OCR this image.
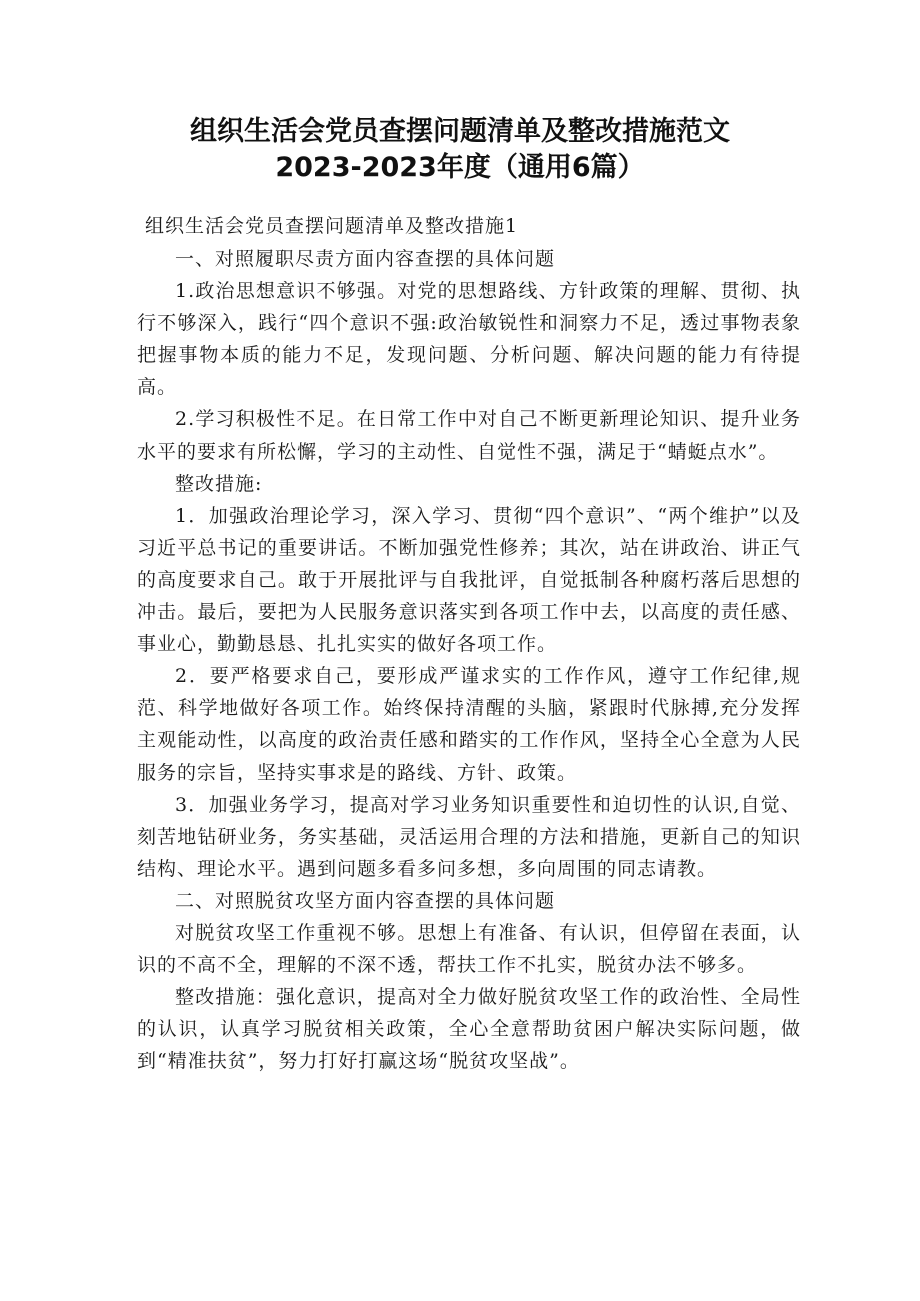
组织生活会党员查摆问题清单及整改措施范文
2023-2023年度（通用6篇）
组织生活会党员查摆问题清单及整改措施1

一、对照履职尽责方面内容查摆的具体问题

1.政治思想意识不够强。对党的思想路线、方针政策的理解、贯彻、执行不够深入，践行“四个意识不强:政治敏锐性和洞察力不足，透过事物表象把握事物本质的能力不足，发现问题、分析问题、解决问题的能力有待提高。

2.学习积极性不足。在日常工作中对自己不断更新理论知识、提升业务水平的要求有所松懈，学习的主动性、自觉性不强，满足于“蜻蜓点水”。

整改措施:

1．加强政治理论学习，深入学习、贯彻“四个意识”、“两个维护”以及习近平总书记的重要讲话。不断加强党性修养；其次，站在讲政治、讲正气的高度要求自己。敢于开展批评与自我批评，自觉抵制各种腐朽落后思想的冲击。最后，要把为人民服务意识落实到各项工作中去，以高度的责任感、事业心，勤勤恳恳、扎扎实实的做好各项工作。

2．要严格要求自己，要形成严谨求实的工作作风，遵守工作纪律,规范、科学地做好各项工作。始终保持清醒的头脑，紧跟时代脉搏,充分发挥主观能动性，以高度的政治责任感和踏实的工作作风，坚持全心全意为人民服务的宗旨，坚持实事求是的路线、方针、政策。

3．加强业务学习，提高对学习业务知识重要性和迫切性的认识,自觉、刻苦地钻研业务，务实基础，灵活运用合理的方法和措施，更新自己的知识结构、理论水平。遇到问题多看多问多想，多向周围的同志请教。

二、对照脱贫攻坚方面内容查摆的具体问题

对脱贫攻坚工作重视不够。思想上有准备、有认识，但停留在表面，认识的不高不全，理解的不深不透，帮扶工作不扎实，脱贫办法不够多。

整改措施：强化意识，提高对全力做好脱贫攻坚工作的政治性、全局性的认识，认真学习脱贫相关政策，全心全意帮助贫困户解决实际问题，做到“精准扶贫”，努力打好打赢这场“脱贫攻坚战”。
